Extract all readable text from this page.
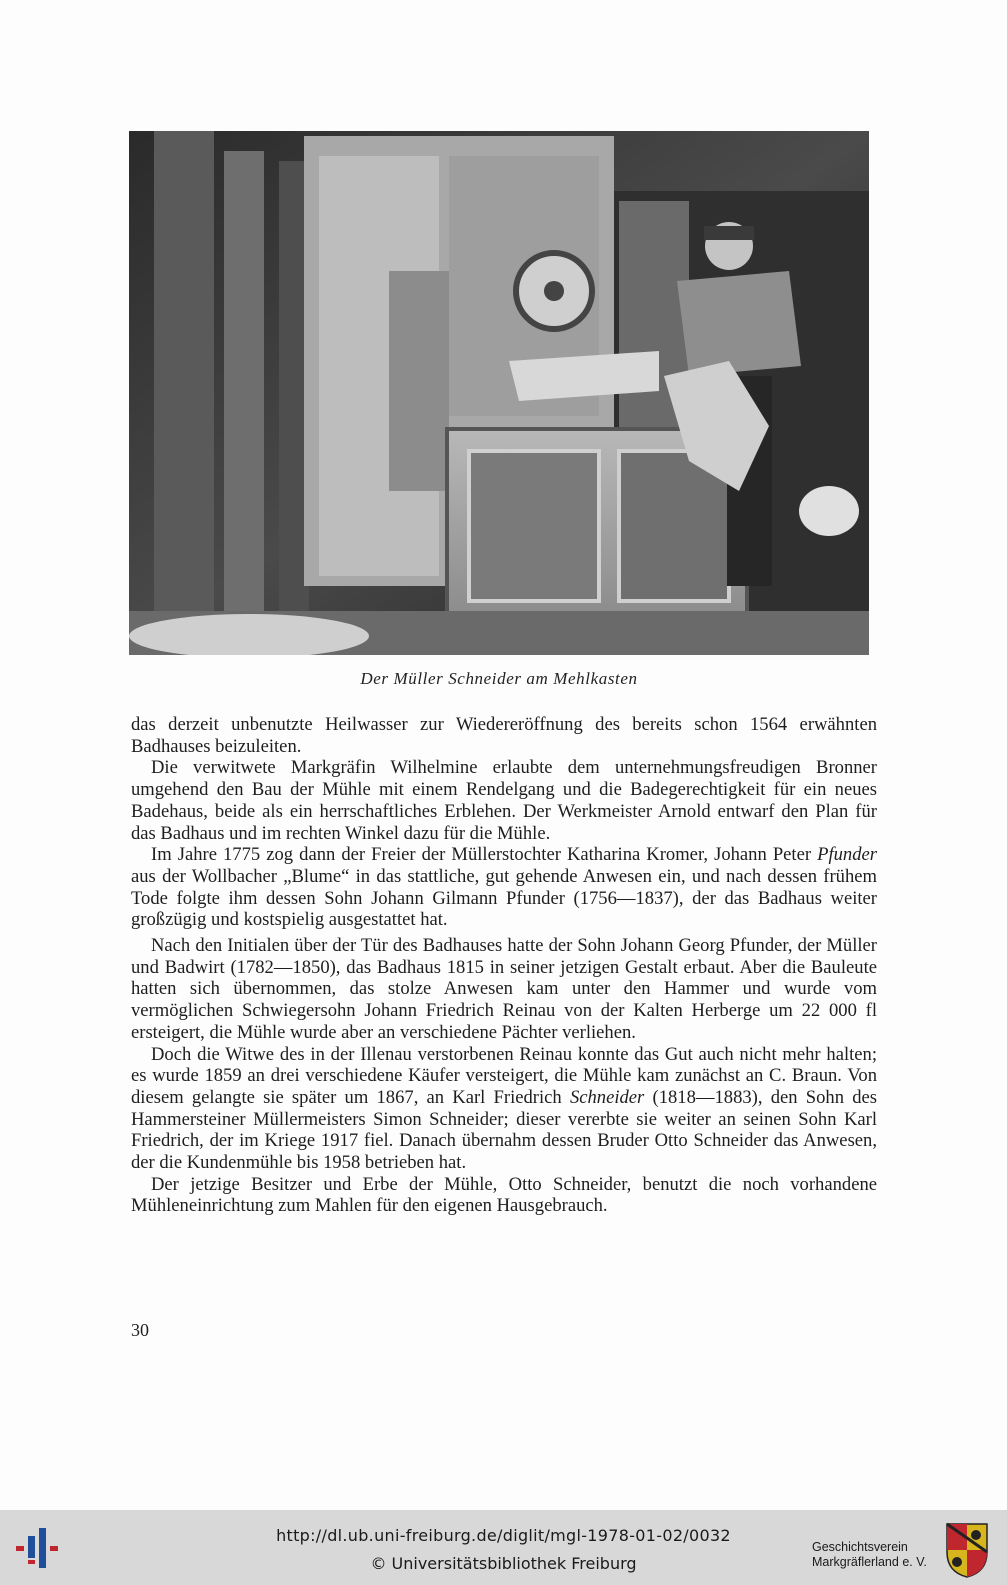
Der Müller Schneider am Mehlkasten

das derzeit unbenutzte Heilwasser zur Wiedereröffnung des bereits schon 1564 erwähnten Badhauses beizuleiten.

Die verwitwete Markgräfin Wilhelmine erlaubte dem unternehmungsfreudigen Bronner umgehend den Bau der Mühle mit einem Rendelgang und die Badegerechtigkeit für ein neues Badehaus, beide als ein herrschaftliches Erblehen. Der Werkmeister Arnold entwarf den Plan für das Badhaus und im rechten Winkel dazu für die Mühle.

Im Jahre 1775 zog dann der Freier der Müllerstochter Katharina Kromer, Johann Peter Pfunder aus der Wollbacher „Blume“ in das stattliche, gut gehende Anwesen ein, und nach dessen frühem Tode folgte ihm dessen Sohn Johann Gilmann Pfunder (1756—1837), der das Badhaus weiter großzügig und kostspielig ausgestattet hat.

Nach den Initialen über der Tür des Badhauses hatte der Sohn Johann Georg Pfunder, der Müller und Badwirt (1782—1850), das Badhaus 1815 in seiner jetzigen Gestalt erbaut. Aber die Bauleute hatten sich übernommen, das stolze Anwesen kam unter den Hammer und wurde vom vermöglichen Schwiegersohn Johann Friedrich Reinau von der Kalten Herberge um 22 000 fl ersteigert, die Mühle wurde aber an verschiedene Pächter verliehen.

Doch die Witwe des in der Illenau verstorbenen Reinau konnte das Gut auch nicht mehr halten; es wurde 1859 an drei verschiedene Käufer versteigert, die Mühle kam zunächst an C. Braun. Von diesem gelangte sie später um 1867, an Karl Friedrich Schneider (1818—1883), den Sohn des Hammersteiner Müllermeisters Simon Schneider; dieser vererbte sie weiter an seinen Sohn Karl Friedrich, der im Kriege 1917 fiel. Danach übernahm dessen Bruder Otto Schneider das Anwesen, der die Kundenmühle bis 1958 betrieben hat.

Der jetzige Besitzer und Erbe der Mühle, Otto Schneider, benutzt die noch vorhandene Mühleneinrichtung zum Mahlen für den eigenen Hausgebrauch.

30
http://dl.ub.uni-freiburg.de/diglit/mgl-1978-01-02/0032
© Universitätsbibliothek Freiburg
Geschichtsverein
Markgräflerland e. V.
